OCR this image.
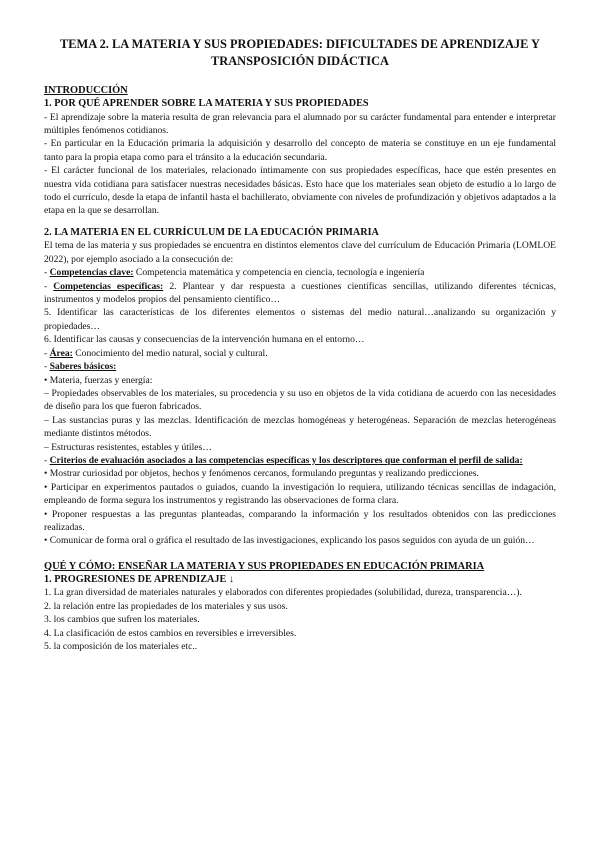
TEMA 2. LA MATERIA Y SUS PROPIEDADES: DIFICULTADES DE APRENDIZAJE Y TRANSPOSICIÓN DIDÁCTICA
INTRODUCCIÓN
1. POR QUÉ APRENDER SOBRE LA MATERIA Y SUS PROPIEDADES

- El aprendizaje sobre la materia resulta de gran relevancia para el alumnado por su carácter fundamental para entender e interpretar múltiples fenómenos cotidianos.

- En particular en la Educación primaria la adquisición y desarrollo del concepto de materia se constituye en un eje fundamental tanto para la propia etapa como para el tránsito a la educación secundaria.

- El carácter funcional de los materiales, relacionado íntimamente con sus propiedades específicas, hace que estén presentes en nuestra vida cotidiana para satisfacer nuestras necesidades básicas. Esto hace que los materiales sean objeto de estudio a lo largo de todo el currículo, desde la etapa de infantil hasta el bachillerato, obviamente con niveles de profundización y objetivos adaptados a la etapa en la que se desarrollan.

2. LA MATERIA EN EL CURRÍCULUM DE LA EDUCACIÓN PRIMARIA

El tema de las materia y sus propiedades se encuentra en distintos elementos clave del currículum de Educación Primaria (LOMLOE 2022), por ejemplo asociado a la consecución de:

- Competencias clave: Competencia matemática y competencia en ciencia, tecnología e ingeniería

- Competencias específicas: 2. Plantear y dar respuesta a cuestiones científicas sencillas, utilizando diferentes técnicas, instrumentos y modelos propios del pensamiento científico…

5. Identificar las características de los diferentes elementos o sistemas del medio natural…analizando su organización y propiedades…

6. Identificar las causas y consecuencias de la intervención humana en el entorno…

- Área: Conocimiento del medio natural, social y cultural.

- Saberes básicos:

• Materia, fuerzas y energía:

– Propiedades observables de los materiales, su procedencia y su uso en objetos de la vida cotidiana de acuerdo con las necesidades de diseño para los que fueron fabricados.

– Las sustancias puras y las mezclas. Identificación de mezclas homogéneas y heterogéneas. Separación de mezclas heterogéneas mediante distintos métodos.

– Estructuras resistentes, estables y útiles…

- Criterios de evaluación asociados a las competencias específicas y los descriptores que conforman el perfil de salida:

• Mostrar curiosidad por objetos, hechos y fenómenos cercanos, formulando preguntas y realizando predicciones.

• Participar en experimentos pautados o guiados, cuando la investigación lo requiera, utilizando técnicas sencillas de indagación, empleando de forma segura los instrumentos y registrando las observaciones de forma clara.

• Proponer respuestas a las preguntas planteadas, comparando la información y los resultados obtenidos con las predicciones realizadas.

• Comunicar de forma oral o gráfica el resultado de las investigaciones, explicando los pasos seguidos con ayuda de un guión…

QUÉ Y CÓMO: ENSEÑAR LA MATERIA Y SUS PROPIEDADES EN EDUCACIÓN PRIMARIA
1. PROGRESIONES DE APRENDIZAJE ↓

1. La gran diversidad de materiales naturales y elaborados con diferentes propiedades (solubilidad, dureza, transparencia…).

2. la relación entre las propiedades de los materiales y sus usos.

3. los cambios que sufren los materiales.

4. La clasificación de estos cambios en reversibles e irreversibles.

5. la composición de los materiales etc..
